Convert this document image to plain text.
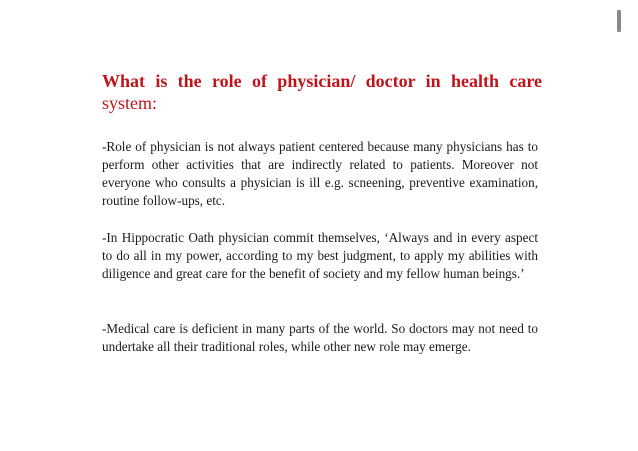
What is the role of physician/ doctor in health care
system:
-Role of physician is not always patient centered because many physicians has to perform other activities that are indirectly related to patients. Moreover not everyone who consults a physician is ill e.g. scneening, preventive examination, routine follow-ups, etc.
-In Hippocratic Oath physician commit themselves, ‘Always and in every aspect to do all in my power, according to my best judgment, to apply my abilities with diligence and great care for the benefit of society and my fellow human beings.’
-Medical care is deficient in many parts of the world. So doctors may not need to undertake all their traditional roles, while other new role may emerge.
